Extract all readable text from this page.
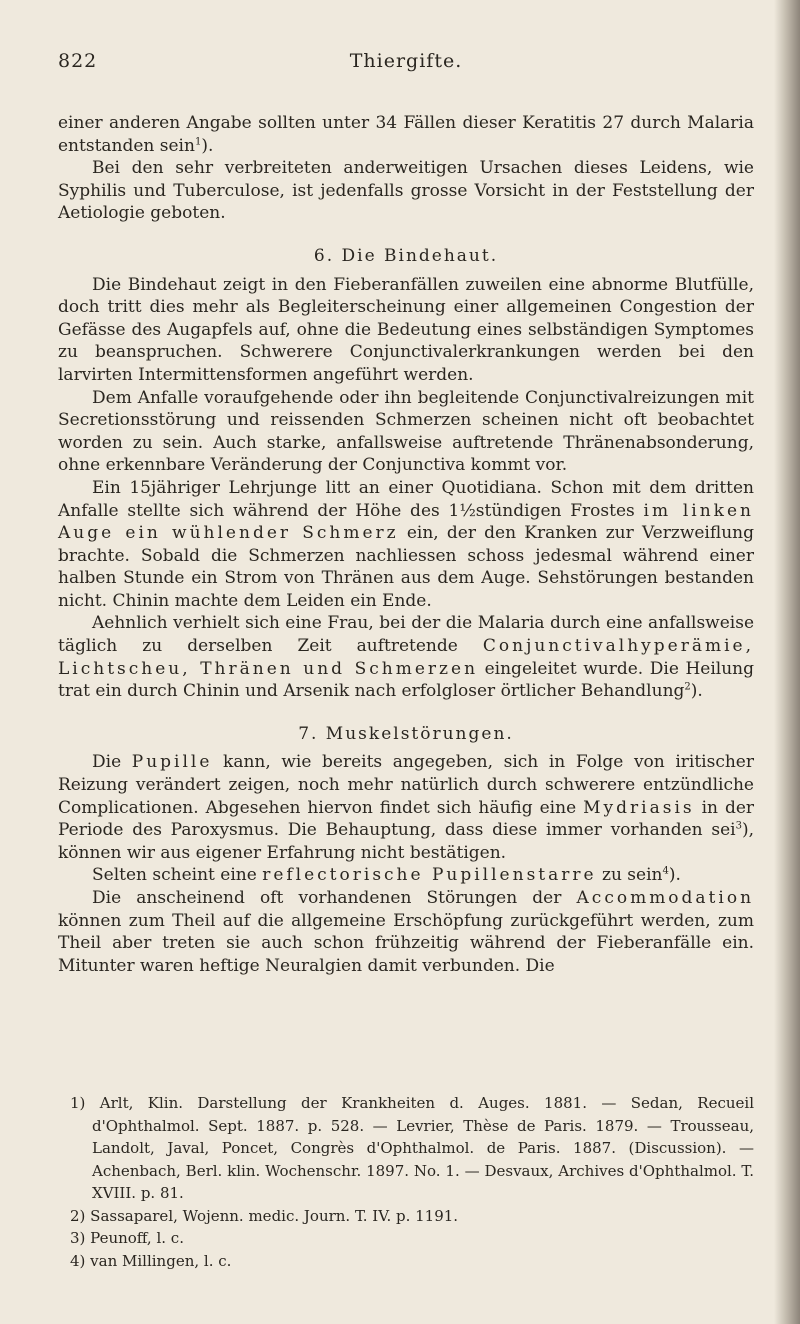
822	Thiergifte.

einer anderen Angabe sollten unter 34 Fällen dieser Keratitis 27 durch Malaria entstanden sein$^1$).

Bei den sehr verbreiteten anderweitigen Ursachen dieses Leidens, wie Syphilis und Tuberculose, ist jedenfalls grosse Vorsicht in der Feststellung der Aetiologie geboten.

6. Die Bindehaut.

Die Bindehaut zeigt in den Fieberanfällen zuweilen eine abnorme Blutfülle, doch tritt dies mehr als Begleiterscheinung einer allgemeinen Congestion der Gefässe des Augapfels auf, ohne die Bedeutung eines selbständigen Symptomes zu beanspruchen. Schwerere Conjunctivalerkrankungen werden bei den larvirten Intermittensformen angeführt werden.

Dem Anfalle voraufgehende oder ihn begleitende Conjunctivalreizungen mit Secretionsstörung und reissenden Schmerzen scheinen nicht oft beobachtet worden zu sein. Auch starke, anfallsweise auftretende Thränenabsonderung, ohne erkennbare Veränderung der Conjunctiva kommt vor.

Ein 15jähriger Lehrjunge litt an einer Quotidiana. Schon mit dem dritten Anfalle stellte sich während der Höhe des 1½stündigen Frostes im linken Auge ein wühlender Schmerz ein, der den Kranken zur Verzweiflung brachte. Sobald die Schmerzen nachliessen schoss jedesmal während einer halben Stunde ein Strom von Thränen aus dem Auge. Sehstörungen bestanden nicht. Chinin machte dem Leiden ein Ende.

Aehnlich verhielt sich eine Frau, bei der die Malaria durch eine anfallsweise täglich zu derselben Zeit auftretende Conjunctivalhyperämie, Lichtscheu, Thränen und Schmerzen eingeleitet wurde. Die Heilung trat ein durch Chinin und Arsenik nach erfolgloser örtlicher Behandlung$^2$).

7. Muskelstörungen.

Die Pupille kann, wie bereits angegeben, sich in Folge von iritischer Reizung verändert zeigen, noch mehr natürlich durch schwerere entzündliche Complicationen. Abgesehen hiervon findet sich häufig eine Mydriasis in der Periode des Paroxysmus. Die Behauptung, dass diese immer vorhanden sei$^3$), können wir aus eigener Erfahrung nicht bestätigen.

Selten scheint eine reflectorische Pupillenstarre zu sein$^4$).

Die anscheinend oft vorhandenen Störungen der Accommodation können zum Theil auf die allgemeine Erschöpfung zurückgeführt werden, zum Theil aber treten sie auch schon frühzeitig während der Fieberanfälle ein. Mitunter waren heftige Neuralgien damit verbunden. Die

1) Arlt, Klin. Darstellung der Krankheiten d. Auges. 1881. — Sedan, Recueil d'Ophthalmol. Sept. 1887. p. 528. — Levrier, Thèse de Paris. 1879. — Trousseau, Landolt, Javal, Poncet, Congrès d'Ophthalmol. de Paris. 1887. (Discussion). — Achenbach, Berl. klin. Wochenschr. 1897. No. 1. — Desvaux, Archives d'Ophthalmol. T. XVIII. p. 81.

2) Sassaparel, Wojenn. medic. Journ. T. IV. p. 1191.

3) Peunoff, l. c.

4) van Millingen, l. c.
